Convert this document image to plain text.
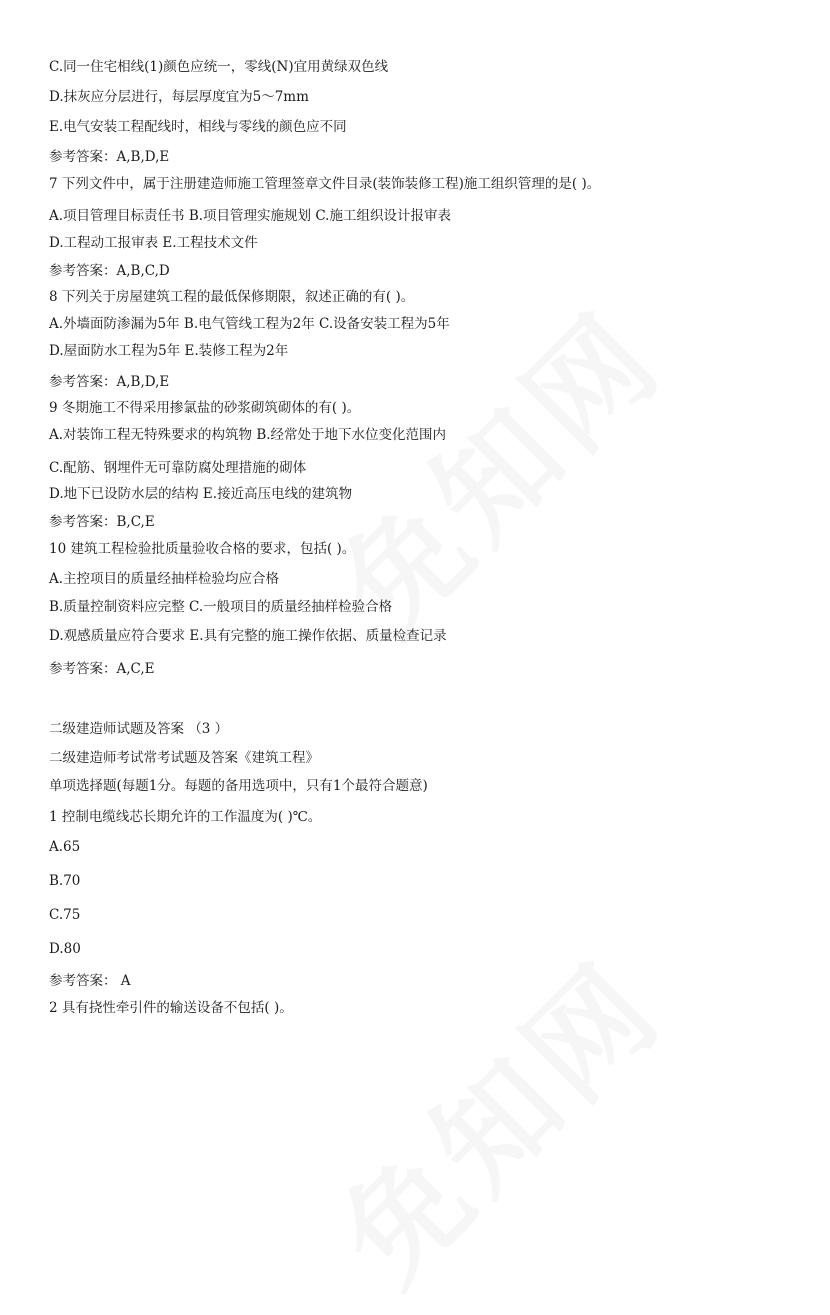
C.同一住宅相线(1)颜色应统一，零线(N)宜用黄绿双色线
D.抹灰应分层进行，每层厚度宜为5～7mm
E.电气安装工程配线时，相线与零线的颜色应不同
参考答案：A,B,D,E
7 下列文件中，属于注册建造师施工管理签章文件目录(装饰装修工程)施工组织管理的是( )。
A.项目管理目标责任书 B.项目管理实施规划 C.施工组织设计报审表
D.工程动工报审表 E.工程技术文件
参考答案：A,B,C,D
8 下列关于房屋建筑工程的最低保修期限，叙述正确的有( )。
A.外墙面防渗漏为5年 B.电气管线工程为2年 C.设备安装工程为5年
D.屋面防水工程为5年 E.装修工程为2年
参考答案：A,B,D,E
9 冬期施工不得采用掺氯盐的砂浆砌筑砌体的有( )。
A.对装饰工程无特殊要求的构筑物 B.经常处于地下水位变化范围内
C.配筋、钢埋件无可靠防腐处理措施的砌体
D.地下已设防水层的结构 E.接近高压电线的建筑物
参考答案：B,C,E
10 建筑工程检验批质量验收合格的要求，包括( )。
A.主控项目的质量经抽样检验均应合格
B.质量控制资料应完整 C.一般项目的质量经抽样检验合格
D.观感质量应符合要求 E.具有完整的施工操作依据、质量检查记录
参考答案：A,C,E
二级建造师试题及答案 （3 ）
二级建造师考试常考试题及答案《建筑工程》
单项选择题(每题1分。每题的备用选项中，只有1个最符合题意)
1 控制电缆线芯长期允许的工作温度为( )℃。
A.65
B.70
C.75
D.80
参考答案： A
2 具有挠性牵引件的输送设备不包括( )。
